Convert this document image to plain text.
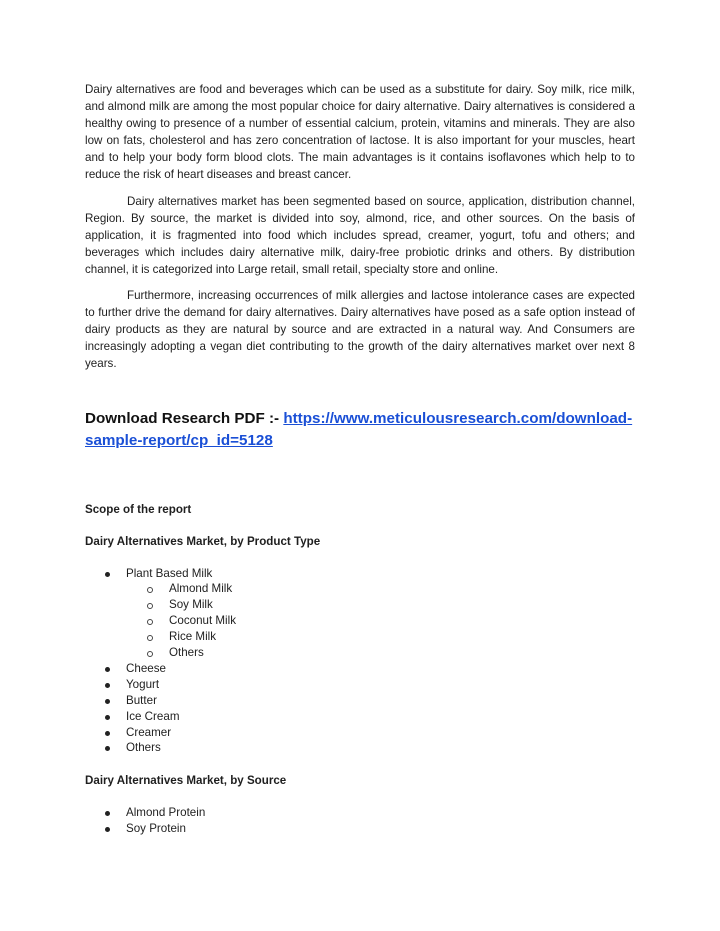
Dairy alternatives are food and beverages which can be used as a substitute for dairy. Soy milk, rice milk, and almond milk are among the most popular choice for dairy alternative. Dairy alternatives is considered a healthy owing to presence of a number of essential calcium, protein, vitamins and minerals. They are also low on fats, cholesterol and has zero concentration of lactose. It is also important for your muscles, heart and to help your body form blood clots. The main advantages is it contains isoflavones which help to to reduce the risk of heart diseases and breast cancer.

Dairy alternatives market has been segmented based on source, application, distribution channel, Region. By source, the market is divided into soy, almond, rice, and other sources. On the basis of application, it is fragmented into food which includes spread, creamer, yogurt, tofu and others; and beverages which includes dairy alternative milk, dairy-free probiotic drinks and others. By distribution channel, it is categorized into Large retail, small retail, specialty store and online.

Furthermore, increasing occurrences of milk allergies and lactose intolerance cases are expected to further drive the demand for dairy alternatives. Dairy alternatives have posed as a safe option instead of dairy products as they are natural by source and are extracted in a natural way. And Consumers are increasingly adopting a vegan diet contributing to the growth of the dairy alternatives market over next 8 years.

Download Research PDF :- https://www.meticulousresearch.com/download-sample-report/cp_id=5128

Scope of the report

Dairy Alternatives Market, by Product Type

Plant Based Milk
Almond Milk
Soy Milk
Coconut Milk
Rice Milk
Others
Cheese
Yogurt
Butter
Ice Cream
Creamer
Others

Dairy Alternatives Market, by Source

Almond Protein
Soy Protein
